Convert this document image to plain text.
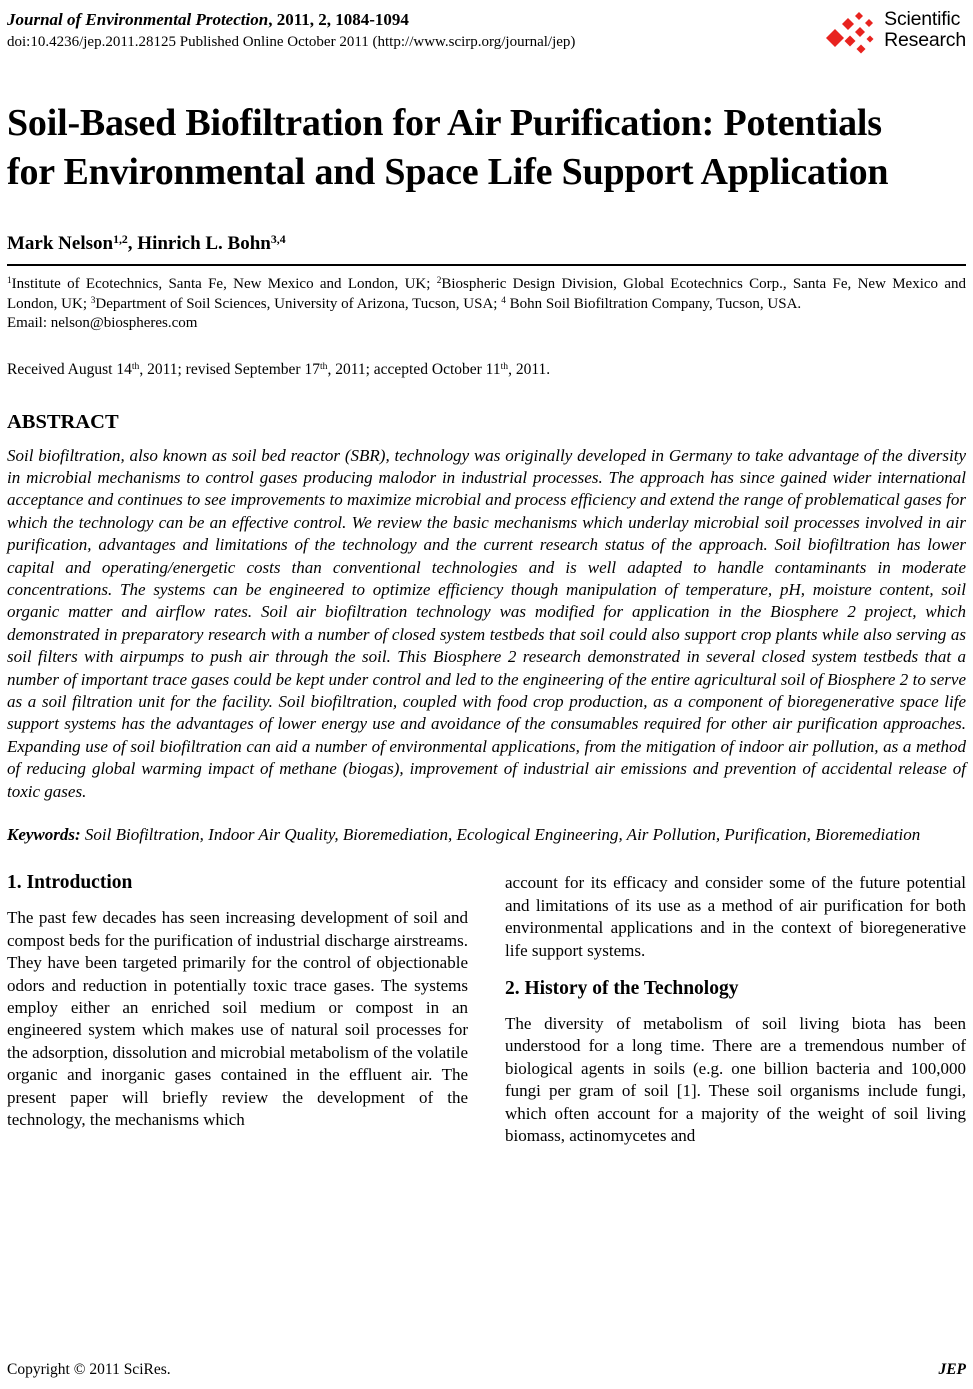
Journal of Environmental Protection, 2011, 2, 1084-1094
doi:10.4236/jep.2011.28125 Published Online October 2011 (http://www.scirp.org/journal/jep)
Scientific
Research
Soil-Based Biofiltration for Air Purification: Potentials for Environmental and Space Life Support Application
Mark Nelson$^{1,2}$, Hinrich L. Bohn$^{3,4}$

$^1$Institute of Ecotechnics, Santa Fe, New Mexico and London, UK; $^2$Biospheric Design Division, Global Ecotechnics Corp., Santa Fe, New Mexico and London, UK; $^3$Department of Soil Sciences, University of Arizona, Tucson, USA; $^4$ Bohn Soil Biofiltration Company, Tucson, USA.

Email: nelson@biospheres.com

Received August 14th, 2011; revised September 17th, 2011; accepted October 11th, 2011.

ABSTRACT

Soil biofiltration, also known as soil bed reactor (SBR), technology was originally developed in Germany to take advantage of the diversity in microbial mechanisms to control gases producing malodor in industrial processes. The approach has since gained wider international acceptance and continues to see improvements to maximize microbial and process efficiency and extend the range of problematical gases for which the technology can be an effective control. We review the basic mechanisms which underlay microbial soil processes involved in air purification, advantages and limitations of the technology and the current research status of the approach. Soil biofiltration has lower capital and operating/energetic costs than conventional technologies and is well adapted to handle contaminants in moderate concentrations. The systems can be engineered to optimize efficiency though manipulation of temperature, pH, moisture content, soil organic matter and airflow rates. Soil air biofiltration technology was modified for application in the Biosphere 2 project, which demonstrated in preparatory research with a number of closed system testbeds that soil could also support crop plants while also serving as soil filters with airpumps to push air through the soil. This Biosphere 2 research demonstrated in several closed system testbeds that a number of important trace gases could be kept under control and led to the engineering of the entire agricultural soil of Biosphere 2 to serve as a soil filtration unit for the facility. Soil biofiltration, coupled with food crop production, as a component of bioregenerative space life support systems has the advantages of lower energy use and avoidance of the consumables required for other air purification approaches. Expanding use of soil biofiltration can aid a number of environmental applications, from the mitigation of indoor air pollution, as a method of reducing global warming impact of methane (biogas), improvement of industrial air emissions and prevention of accidental release of toxic gases.

Keywords: Soil Biofiltration, Indoor Air Quality, Bioremediation, Ecological Engineering, Air Pollution, Purification, Bioremediation

1. Introduction

The past few decades has seen increasing development of soil and compost beds for the purification of industrial discharge airstreams. They have been targeted primarily for the control of objectionable odors and reduction in potentially toxic trace gases. The systems employ either an enriched soil medium or compost in an engineered system which makes use of natural soil processes for the adsorption, dissolution and microbial metabolism of the volatile organic and inorganic gases contained in the effluent air. The present paper will briefly review the development of the technology, the mechanisms which

account for its efficacy and consider some of the future potential and limitations of its use as a method of air purification for both environmental applications and in the context of bioregenerative life support systems.

2. History of the Technology

The diversity of metabolism of soil living biota has been understood for a long time. There are a tremendous number of biological agents in soils (e.g. one billion bacteria and 100,000 fungi per gram of soil [1]. These soil organisms include fungi, which often account for a majority of the weight of soil living biomass, actinomycetes and

Copyright © 2011 SciRes.	JEP
